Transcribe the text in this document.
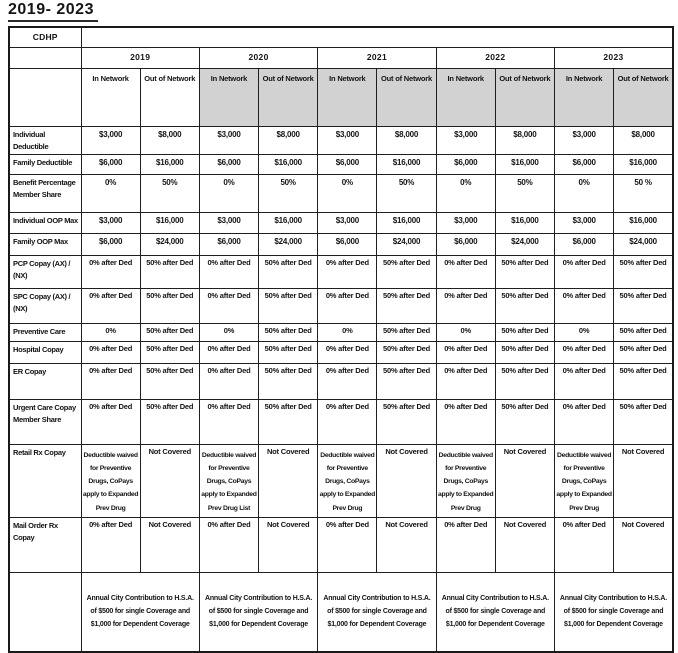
2019- 2023
CDHP										
	2019		2020		2021		2022		2023	
	In Network	Out of Network	In Network	Out of Network	In Network	Out of Network	In Network	Out of Network	In Network	Out of Network
Individual Deductible	$3,000	$8,000	$3,000	$8,000	$3,000	$8,000	$3,000	$8,000	$3,000	$8,000
Family Deductible	$6,000	$16,000	$6,000	$16,000	$6,000	$16,000	$6,000	$16,000	$6,000	$16,000
Benefit Percentage Member Share	0%	50%	0%	50%	0%	50%	0%	50%	0%	50 %
Individual OOP Max	$3,000	$16,000	$3,000	$16,000	$3,000	$16,000	$3,000	$16,000	$3,000	$16,000
Family OOP Max	$6,000	$24,000	$6,000	$24,000	$6,000	$24,000	$6,000	$24,000	$6,000	$24,000
PCP Copay (AX) / (NX)	0% after Ded	50% after Ded	0% after Ded	50% after Ded	0% after Ded	50% after Ded	0% after Ded	50% after Ded	0% after Ded	50% after Ded
SPC Copay (AX) / (NX)	0% after Ded	50% after Ded	0% after Ded	50% after Ded	0% after Ded	50% after Ded	0% after Ded	50% after Ded	0% after Ded	50% after Ded
Preventive Care	0%	50% after Ded	0%	50% after Ded	0%	50% after Ded	0%	50% after Ded	0%	50% after Ded
Hospital Copay	0% after Ded	50% after Ded	0% after Ded	50% after Ded	0% after Ded	50% after Ded	0% after Ded	50% after Ded	0% after Ded	50% after Ded
ER Copay	0% after Ded	50% after Ded	0% after Ded	50% after Ded	0% after Ded	50% after Ded	0% after Ded	50% after Ded	0% after Ded	50% after Ded
Urgent Care Copay Member Share	0% after Ded	50% after Ded	0% after Ded	50% after Ded	0% after Ded	50% after Ded	0% after Ded	50% after Ded	0% after Ded	50% after Ded
Retail Rx Copay	Deductible waived for Preventive Drugs, CoPays apply to Expanded Prev Drug	Not Covered	Deductible waived for Preventive Drugs, CoPays apply to Expanded Prev Drug List	Not Covered	Deductible waived for Preventive Drugs, CoPays apply to Expanded Prev Drug	Not Covered	Deductible waived for Preventive Drugs, CoPays apply to Expanded Prev Drug	Not Covered	Deductible waived for Preventive Drugs, CoPays apply to Expanded Prev Drug	Not Covered
Mail Order Rx Copay	0% after Ded	Not Covered	0% after Ded	Not Covered	0% after Ded	Not Covered	0% after Ded	Not Covered	0% after Ded	Not Covered
	Annual City Contribution to H.S.A. of $500 for single Coverage and $1,000 for Dependent Coverage		Annual City Contribution to H.S.A. of $500 for single Coverage and $1,000 for Dependent Coverage		Annual City Contribution to H.S.A. of $500 for single Coverage and $1,000 for Dependent Coverage		Annual City Contribution to H.S.A. of $500 for single Coverage and $1,000 for Dependent Coverage		Annual City Contribution to H.S.A. of $500 for single Coverage and $1,000 for Dependent Coverage	
